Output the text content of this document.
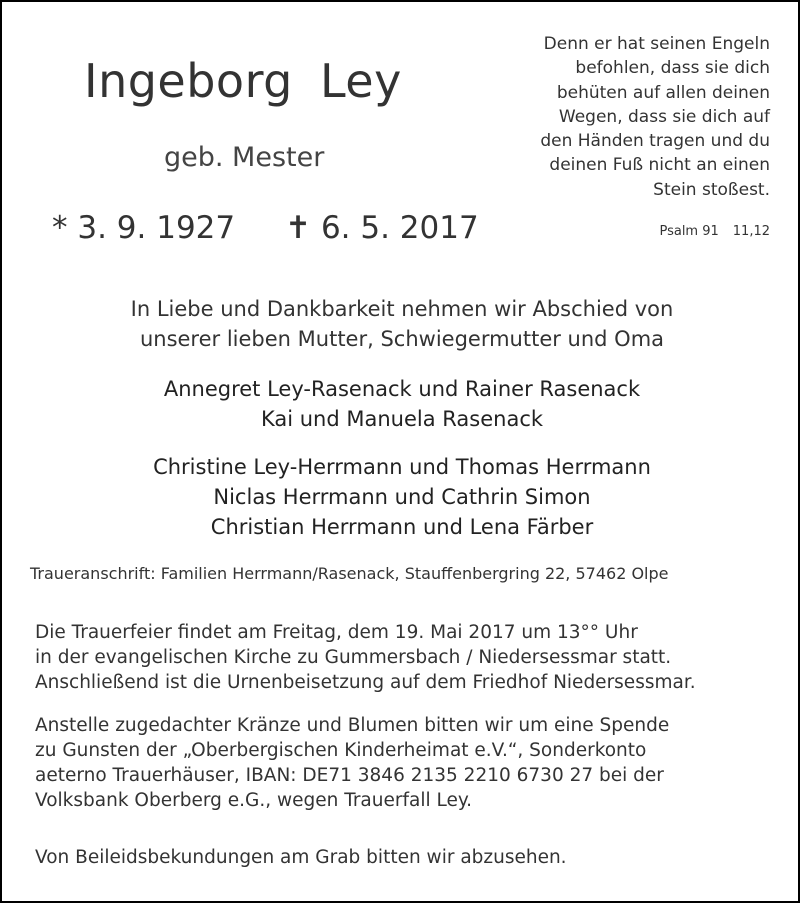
Ingeborg Ley
geb. Mester
* 3. 9. 1927 ✝ 6. 5. 2017
Denn er hat seinen Engeln
befohlen, dass sie dich
behüten auf allen deinen
Wegen, dass sie dich auf
den Händen tragen und du
deinen Fuß nicht an einen
Stein stoßest.
Psalm 91 11,12
In Liebe und Dankbarkeit nehmen wir Abschied von
unserer lieben Mutter, Schwiegermutter und Oma
Annegret Ley-Rasenack und Rainer Rasenack
Kai und Manuela Rasenack
Christine Ley-Herrmann und Thomas Herrmann
Niclas Herrmann und Cathrin Simon
Christian Herrmann und Lena Färber
Traueranschrift: Familien Herrmann/Rasenack, Stauffenbergring 22, 57462 Olpe
Die Trauerfeier findet am Freitag, dem 19. Mai 2017 um 13°° Uhr
in der evangelischen Kirche zu Gummersbach / Niedersessmar statt.
Anschließend ist die Urnenbeisetzung auf dem Friedhof Niedersessmar.
Anstelle zugedachter Kränze und Blumen bitten wir um eine Spende
zu Gunsten der „Oberbergischen Kinderheimat e.V.“, Sonderkonto
aeterno Trauerhäuser, IBAN: DE71 3846 2135 2210 6730 27 bei der
Volksbank Oberberg e.G., wegen Trauerfall Ley.
Von Beileidsbekundungen am Grab bitten wir abzusehen.
